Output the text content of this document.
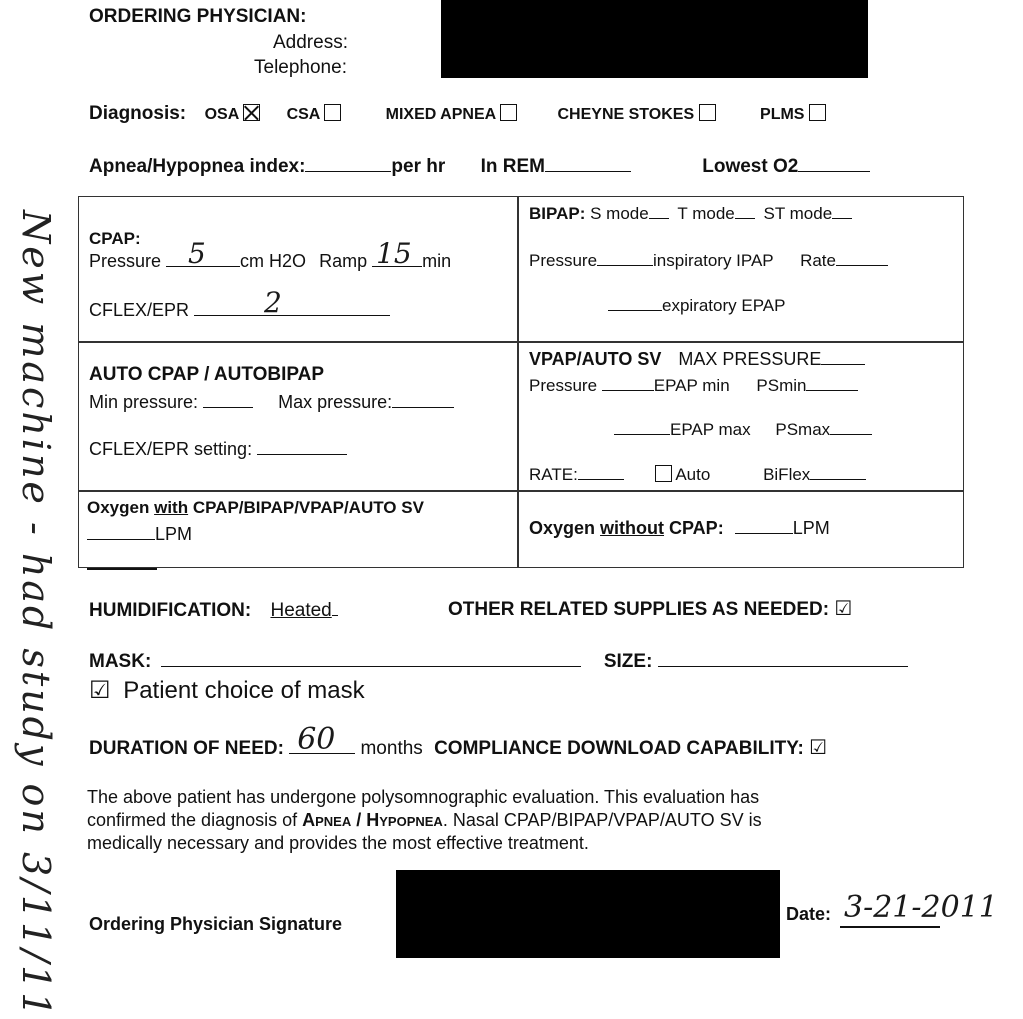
ORDERING PHYSICIAN:
Address:
Telephone:
Diagnosis: OSA	CSA	MIXED APNEA	CHEYNE STOKES	PLMS
Apnea/Hypopnea index:	per hr In REM	Lowest O2
CPAP:
Pressure 5 cm H2O Ramp 15 min
CFLEX/EPR	2
BIPAP: S mode T mode ST mode
Pressure	inspiratory IPAP Rate
expiratory EPAP
AUTO CPAP / AUTOBIPAP
Min pressure:	Max pressure:
CFLEX/EPR setting:
VPAP/AUTO SV MAX PRESSURE
Pressure	EPAP min PSmin
EPAP max PSmax
RATE:	Auto	BiFlex
Oxygen with CPAP/BIPAP/VPAP/AUTO SV
LPM	Oxygen without CPAP:	LPM
HUMIDIFICATION: Heated	OTHER RELATED SUPPLIES AS NEEDED: ☑
MASK:	SIZE:
☑ Patient choice of mask
DURATION OF NEED: 60 months COMPLIANCE DOWNLOAD CAPABILITY: ☑
The above patient has undergone polysomnographic evaluation. This evaluation has
confirmed the diagnosis of Apnea / Hypopnea. Nasal CPAP/BIPAP/VPAP/AUTO SV is
medically necessary and provides the most effective treatment.
Ordering Physician Signature	Date: 3-21-2011
New machine - had study on 3/11/11
